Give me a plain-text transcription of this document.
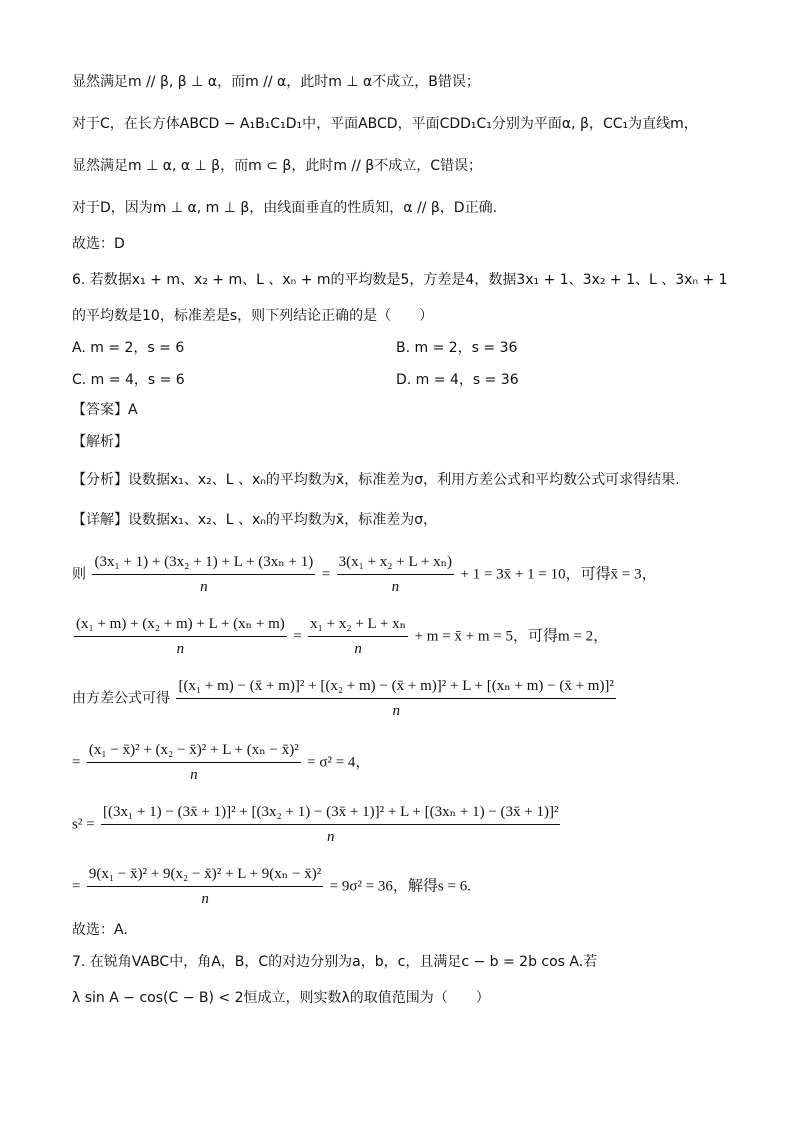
显然满足m // β, β ⊥ α，而m // α，此时m ⊥ α不成立，B错误；
对于C，在长方体ABCD − A₁B₁C₁D₁中，平面ABCD，平面CDD₁C₁分别为平面α, β，CC₁为直线m，
显然满足m ⊥ α, α ⊥ β，而m ⊂ β，此时m // β不成立，C错误；
对于D，因为m ⊥ α, m ⊥ β，由线面垂直的性质知，α // β，D正确.
故选：D
6. 若数据x₁ + m、x₂ + m、L 、xₙ + m的平均数是5，方差是4，数据3x₁ + 1、3x₂ + 1、L 、3xₙ + 1
的平均数是10，标准差是s，则下列结论正确的是（　　）
A. m = 2，s = 6	B. m = 2，s = 36
C. m = 4，s = 6	D. m = 4，s = 36
【答案】A
【解析】
【分析】设数据x₁、x₂、L 、xₙ的平均数为x̄，标准差为σ，利用方差公式和平均数公式可求得结果.
【详解】设数据x₁、x₂、L 、xₙ的平均数为x̄，标准差为σ，
则 $\frac{\text{(3x₁ + 1) + (3x₂ + 1) + L + (3xₙ + 1)}}{n} = \frac{\text{3(x₁ + x₂ + L + xₙ)}}{n} + 1$ = 3x̄ + 1 = 10，可得x̄ = 3，
$\frac{\text{(x₁ + m) + (x₂ + m) + L + (xₙ + m)}}{n} = \frac{\text{x₁ + x₂ + L + xₙ}}{n} + m$ = x̄ + m = 5，可得m = 2，
由方差公式可得
[(x₁ + m) − (x̄ + m)]² + [(x₂ + m) − (x̄ + m)]² + L + [(xₙ + m) − (x̄ + m)]²
n
= $\frac{\text{(x₁ − x̄)² + (x₂ − x̄)² + L + (xₙ − x̄)²}}{n} = \sigma^2 = 4$，
s² =
[(3x₁ + 1) − (3x̄ + 1)]² + [(3x₂ + 1) − (3x̄ + 1)]² + L + [(3xₙ + 1) − (3x̄ + 1)]²
n
= $\frac{\text{9(x₁ − x̄)² + 9(x₂ − x̄)² + L + 9(xₙ − x̄)²}}{n} = 9\sigma^2 = 36$，解得s = 6.
故选：A.
7. 在锐角VABC中，角A，B，C的对边分别为a，b，c，且满足c − b = 2b cos A.若
λ sin A − cos(C − B) < 2恒成立，则实数λ的取值范围为（　　）
